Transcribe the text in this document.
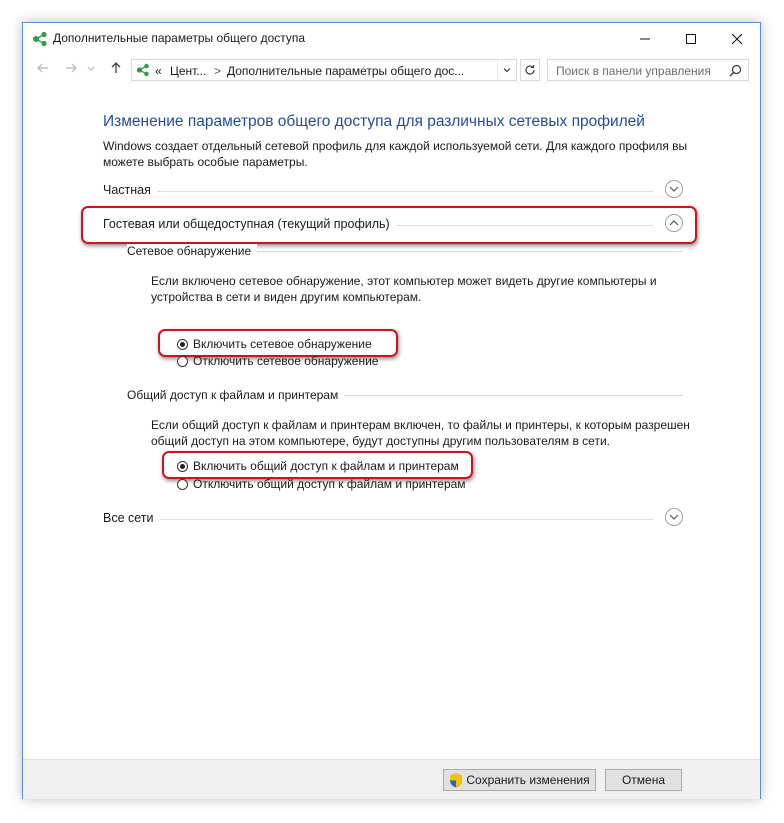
Дополнительные параметры общего доступа
« Цент... > Дополнительные параметры общего дос...	Поиск в панели управления
Изменение параметров общего доступа для различных сетевых профилей
Windows создает отдельный сетевой профиль для каждой используемой сети. Для каждого профиля вы можете выбрать особые параметры.
Частная
Гостевая или общедоступная (текущий профиль)
Сетевое обнаружение
Если включено сетевое обнаружение, этот компьютер может видеть другие компьютеры и устройства в сети и виден другим компьютерам.
Включить сетевое обнаружение
Отключить сетевое обнаружение
Общий доступ к файлам и принтерам
Если общий доступ к файлам и принтерам включен, то файлы и принтеры, к которым разрешен общий доступ на этом компьютере, будут доступны другим пользователям в сети.
Включить общий доступ к файлам и принтерам
Отключить общий доступ к файлам и принтерам
Все сети
Сохранить изменения	Отмена
